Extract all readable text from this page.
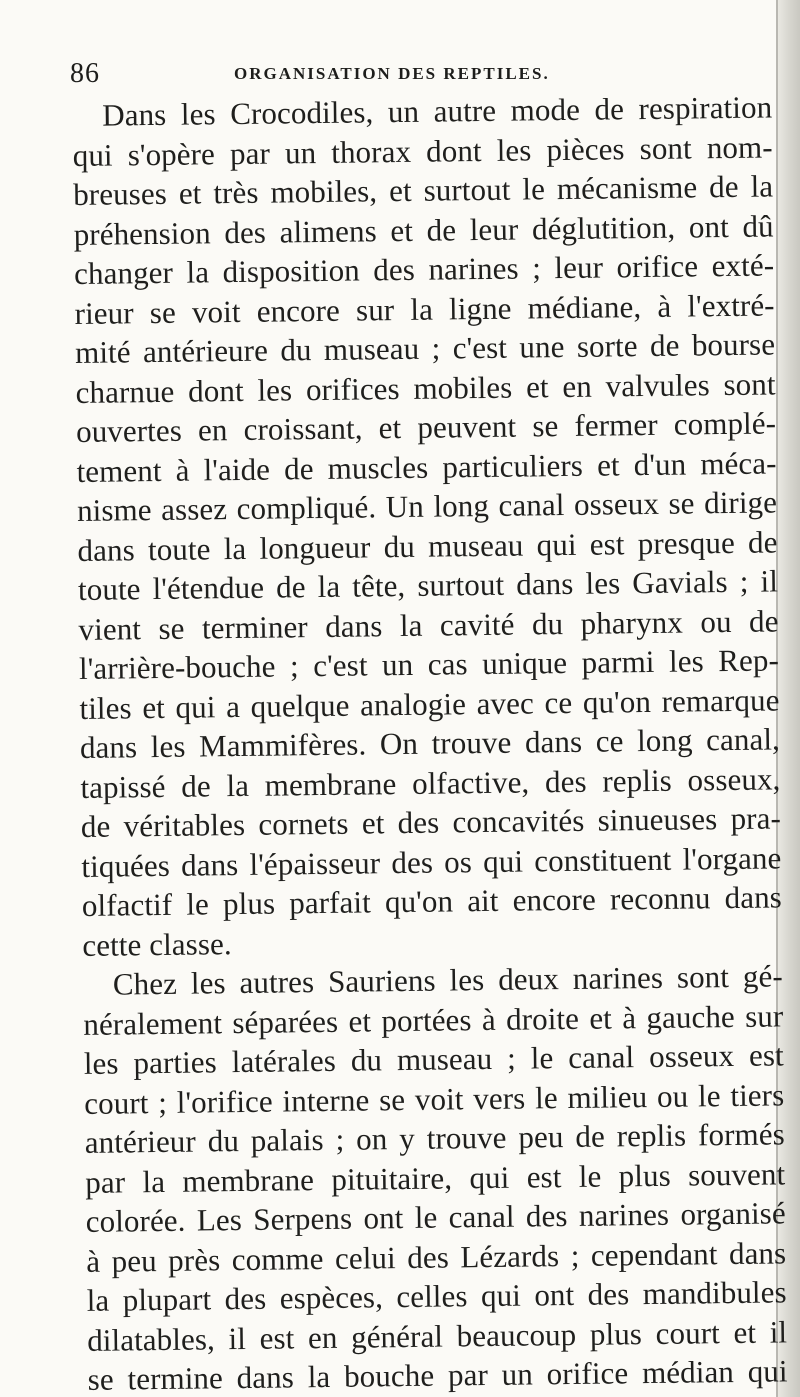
86	ORGANISATION DES REPTILES.
Dans les Crocodiles, un autre mode de respiration
qui s'opère par un thorax dont les pièces sont nom-
breuses et très mobiles, et surtout le mécanisme de la
préhension des alimens et de leur déglutition, ont dû
changer la disposition des narines ; leur orifice exté-
rieur se voit encore sur la ligne médiane, à l'extré-
mité antérieure du museau ; c'est une sorte de bourse
charnue dont les orifices mobiles et en valvules sont
ouvertes en croissant, et peuvent se fermer complé-
tement à l'aide de muscles particuliers et d'un méca-
nisme assez compliqué. Un long canal osseux se dirige
dans toute la longueur du museau qui est presque de
toute l'étendue de la tête, surtout dans les Gavials ; il
vient se terminer dans la cavité du pharynx ou de
l'arrière-bouche ; c'est un cas unique parmi les Rep-
tiles et qui a quelque analogie avec ce qu'on remarque
dans les Mammifères. On trouve dans ce long canal,
tapissé de la membrane olfactive, des replis osseux,
de véritables cornets et des concavités sinueuses pra-
tiquées dans l'épaisseur des os qui constituent l'organe
olfactif le plus parfait qu'on ait encore reconnu dans
cette classe.
Chez les autres Sauriens les deux narines sont gé-
néralement séparées et portées à droite et à gauche sur
les parties latérales du museau ; le canal osseux est
court ; l'orifice interne se voit vers le milieu ou le tiers
antérieur du palais ; on y trouve peu de replis formés
par la membrane pituitaire, qui est le plus souvent
colorée. Les Serpens ont le canal des narines organisé
à peu près comme celui des Lézards ; cependant dans
la plupart des espèces, celles qui ont des mandibules
dilatables, il est en général beaucoup plus court et il
se termine dans la bouche par un orifice médian qui
